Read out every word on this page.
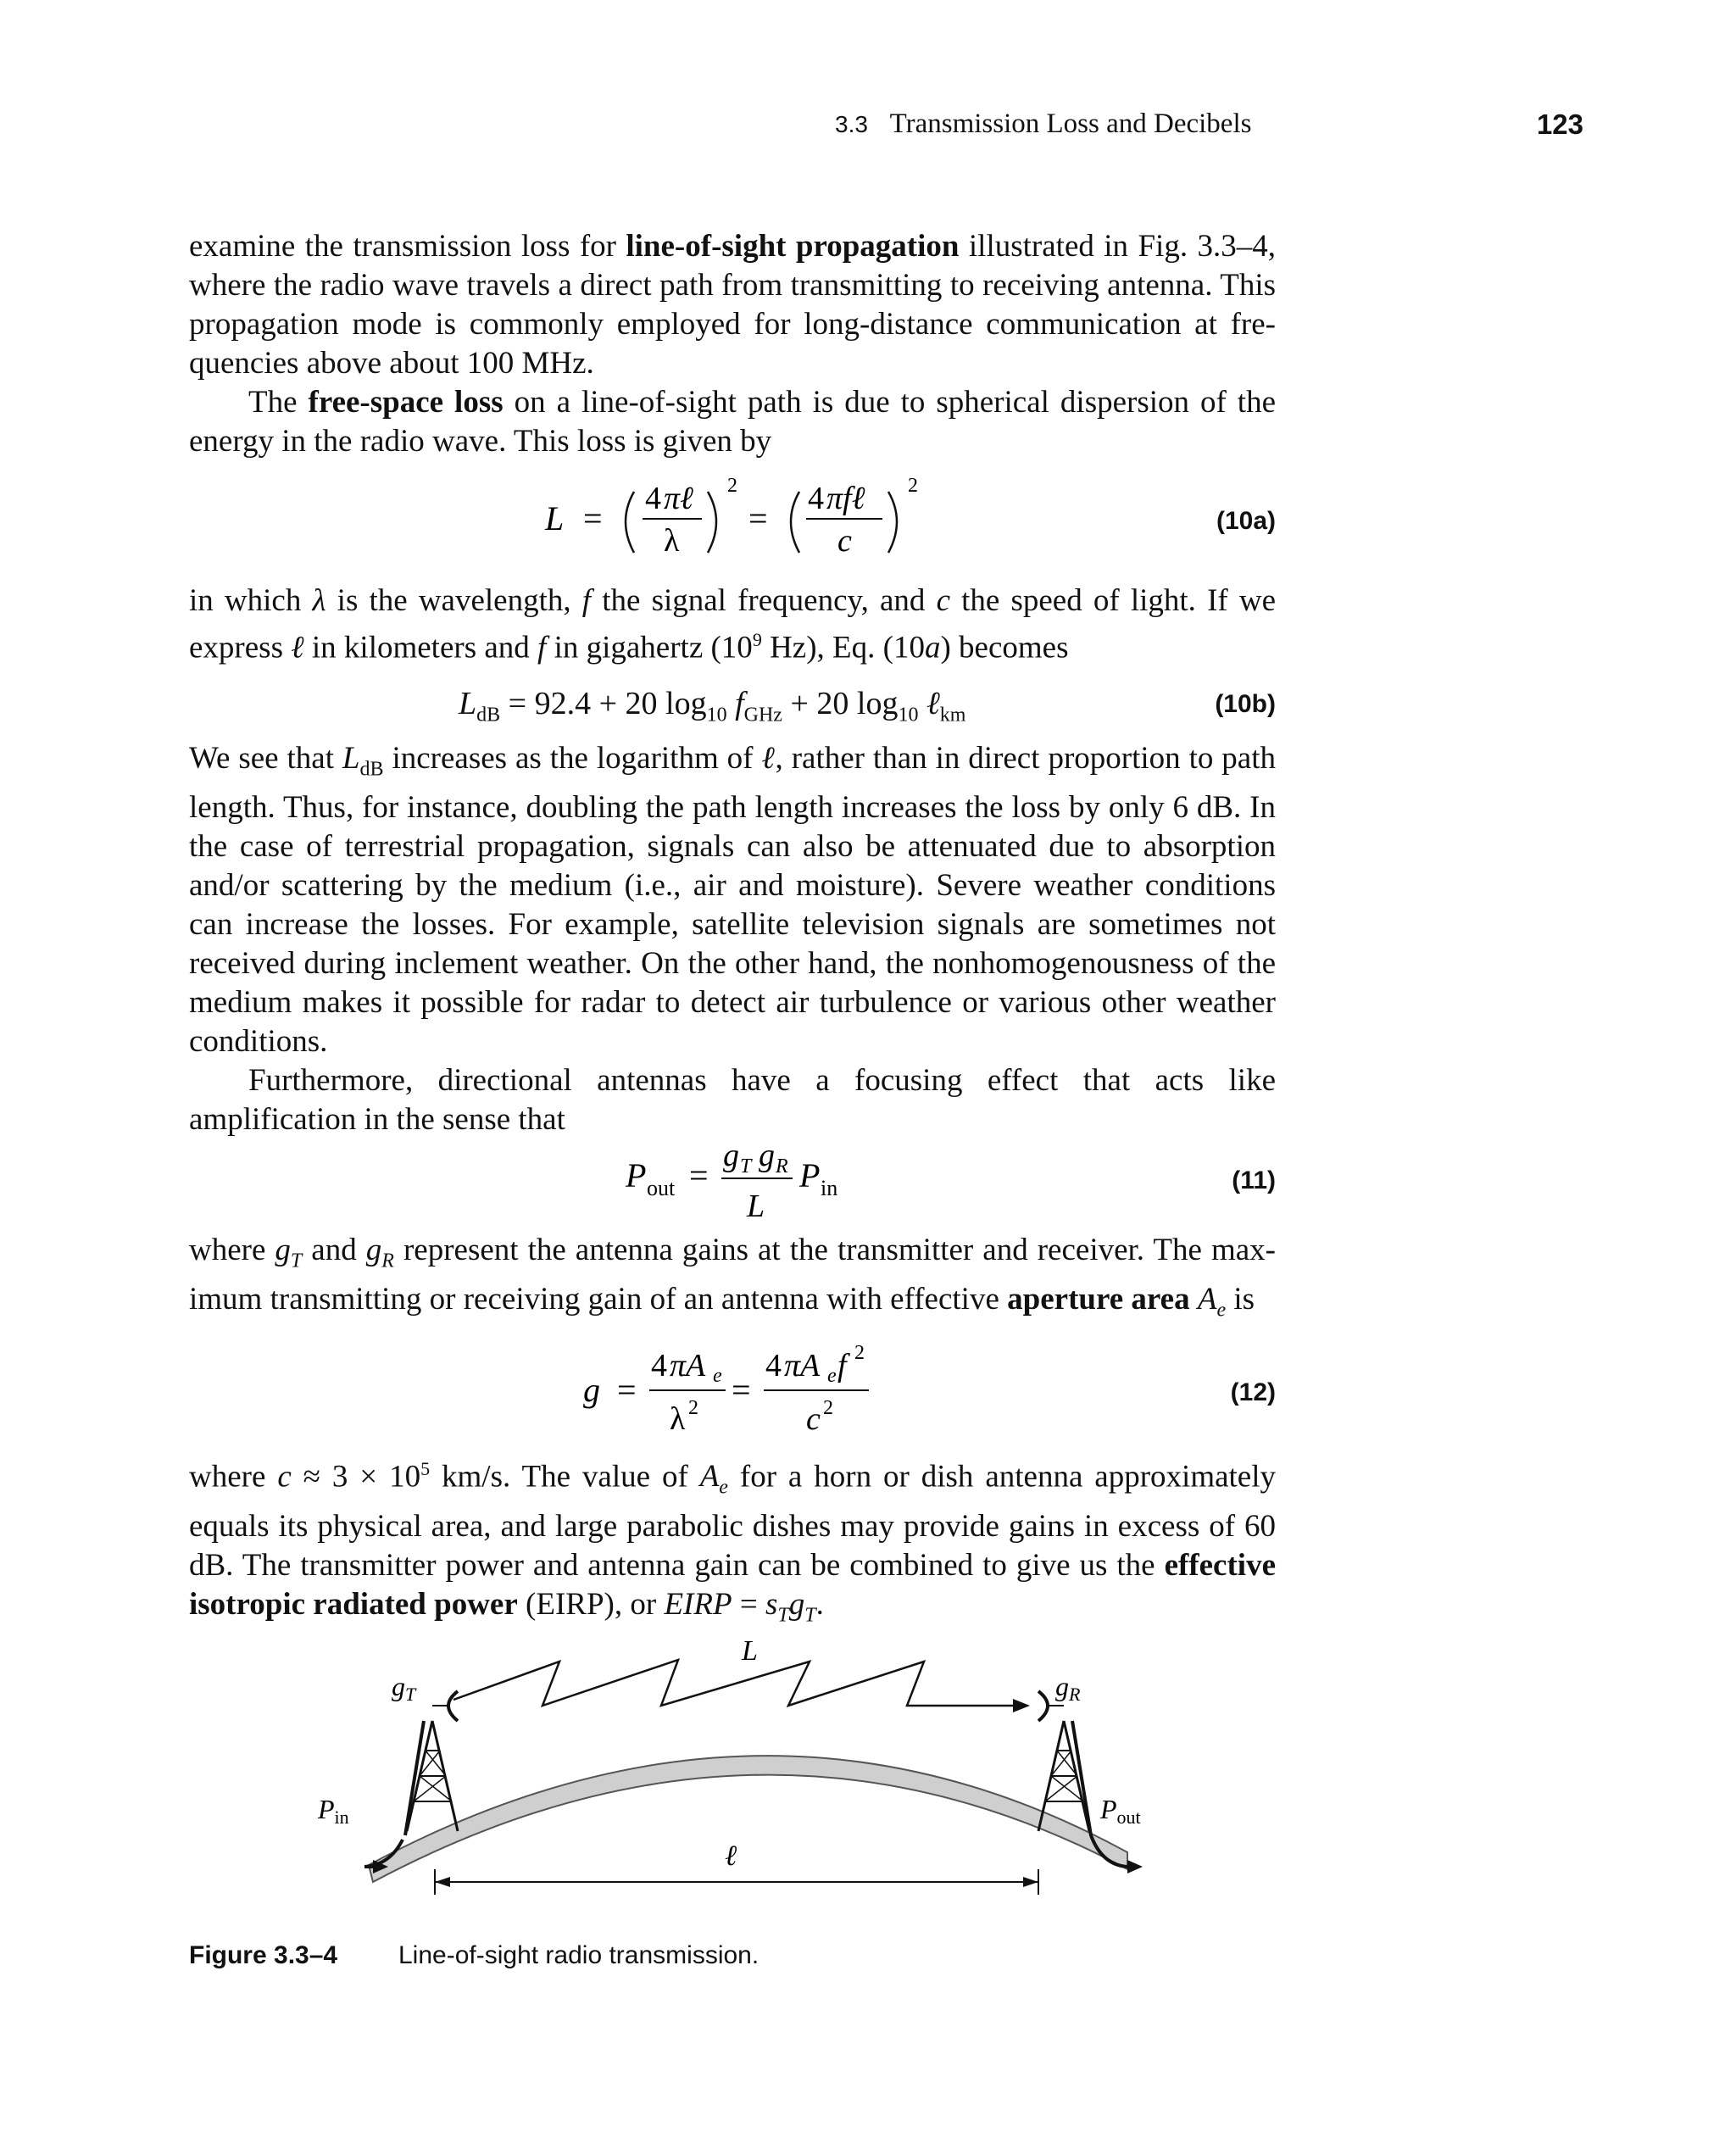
3.3 Transmission Loss and Decibels	123

examine the transmission loss for line-of-sight propagation illustrated in Fig. 3.3–4, where the radio wave travels a direct path from transmitting to receiving antenna. This propagation mode is commonly employed for long-distance communication at frequencies above about 100 MHz.

The free-space loss on a line-of-sight path is due to spherical dispersion of the energy in the radio wave. This loss is given by

L =
4 πℓ
λ
2
=
4 πfℓ
c
2
(10a)

in which λ is the wavelength, f the signal frequency, and c the speed of light. If we express ℓ in kilometers and f in gigahertz ($10^9$ Hz), Eq. (10a) becomes

$L_{dB} = 92.4 + 20$ $\log_{10} f_{GHz} + 20$ $\log_{10}$ ℓ$_{km}$	(10b)

We see that $L_{dB}$ increases as the logarithm of ℓ, rather than in direct proportion to path length. Thus, for instance, doubling the path length increases the loss by only 6 dB. In the case of terrestrial propagation, signals can also be attenuated due to absorption and/or scattering by the medium (i.e., air and moisture). Severe weather conditions can increase the losses. For example, satellite television signals are sometimes not received during inclement weather. On the other hand, the nonhomogenousness of the medium makes it possible for radar to detect air turbulence or various other weather conditions.

Furthermore, directional antennas have a focusing effect that acts like amplification in the sense that

P out =
g T g R
L
P in	(11)

where $g_T$ and $g_R$ represent the antenna gains at the transmitter and receiver. The maximum transmitting or receiving gain of an antenna with effective aperture area $A_e$ is

g =
4 πA e
λ 2 =
4 πA e f 2
c 2
(12)

where $c \approx 3 \times 10^5$ km/s. The value of $A_e$ for a horn or dish antenna approximately equals its physical area, and large parabolic dishes may provide gains in excess of 60 dB. The transmitter power and antenna gain can be combined to give us the effective isotropic radiated power (EIRP), or EIRP = $s_Tg_T$.

L
gT	gR
Pin	Pout
ℓ
Figure 3.3–4 Line-of-sight radio transmission.
